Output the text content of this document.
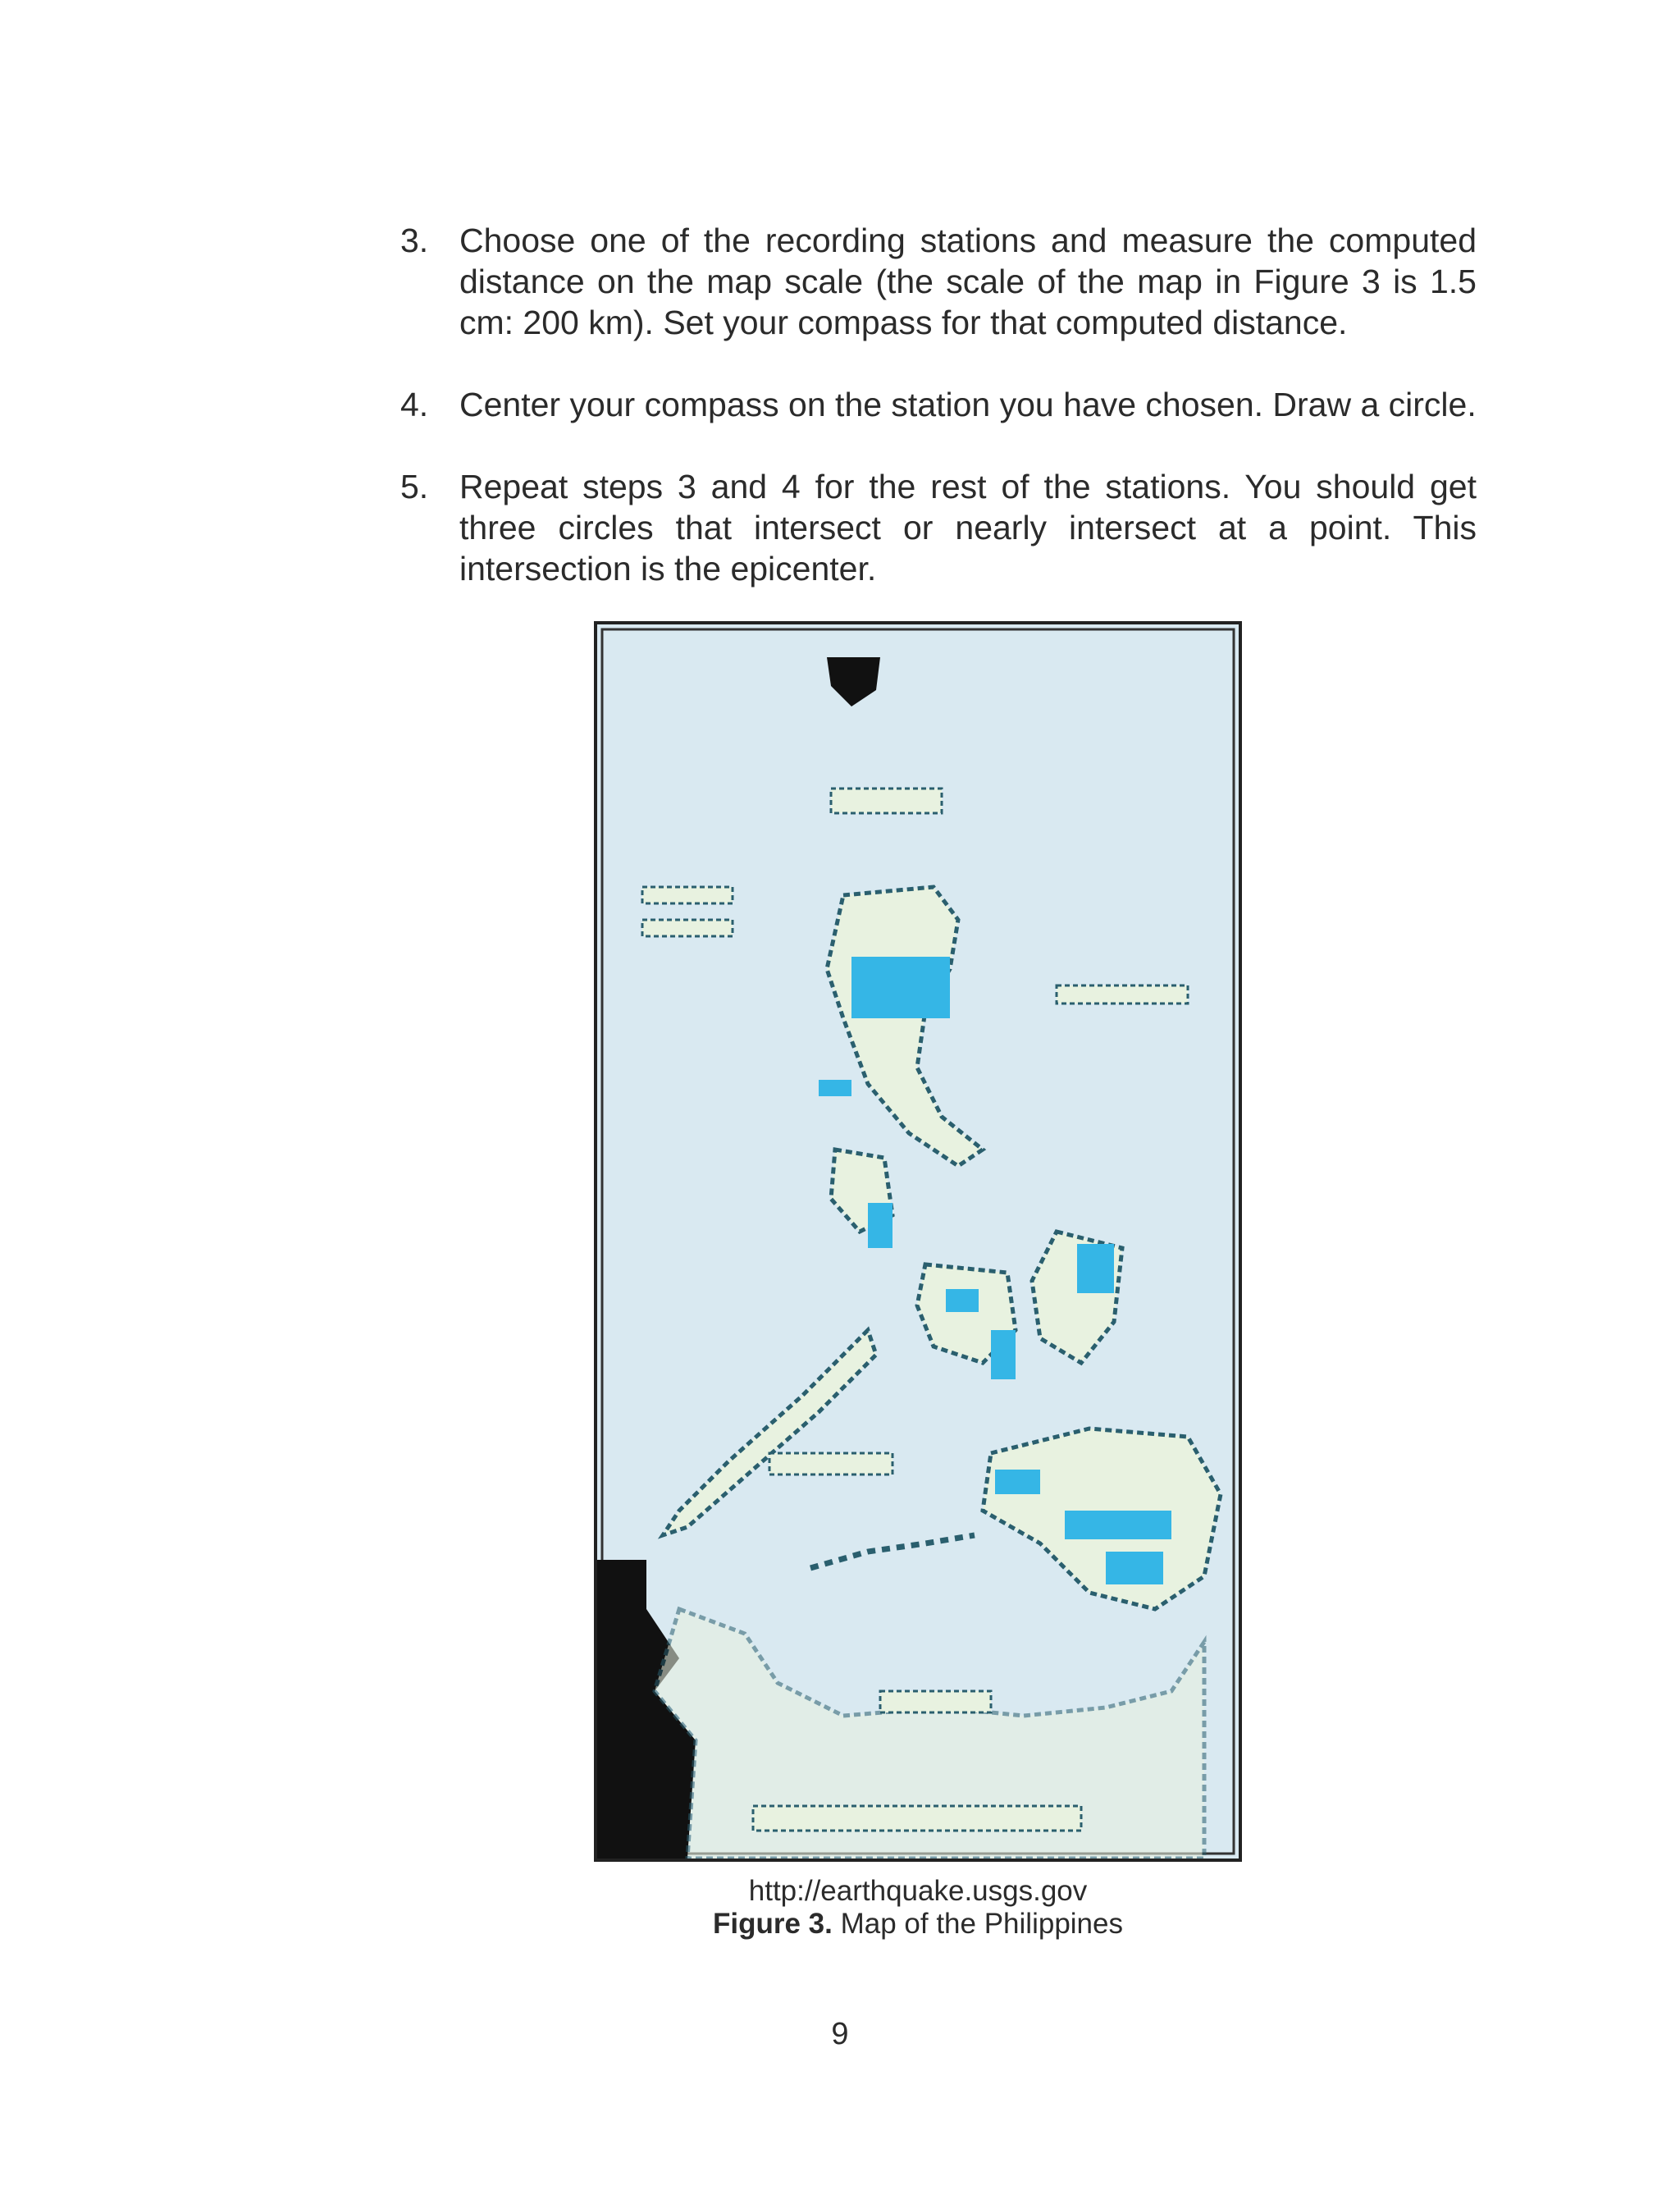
3. Choose one of the recording stations and measure the computed distance on the map scale (the scale of the map in Figure 3 is 1.5 cm: 200 km). Set your compass for that computed distance.
4. Center your compass on the station you have chosen. Draw a circle.
5. Repeat steps 3 and 4 for the rest of the stations. You should get three circles that intersect or nearly intersect at a point. This intersection is the epicenter.
http://earthquake.usgs.gov
Figure 3. Map of the Philippines
9
